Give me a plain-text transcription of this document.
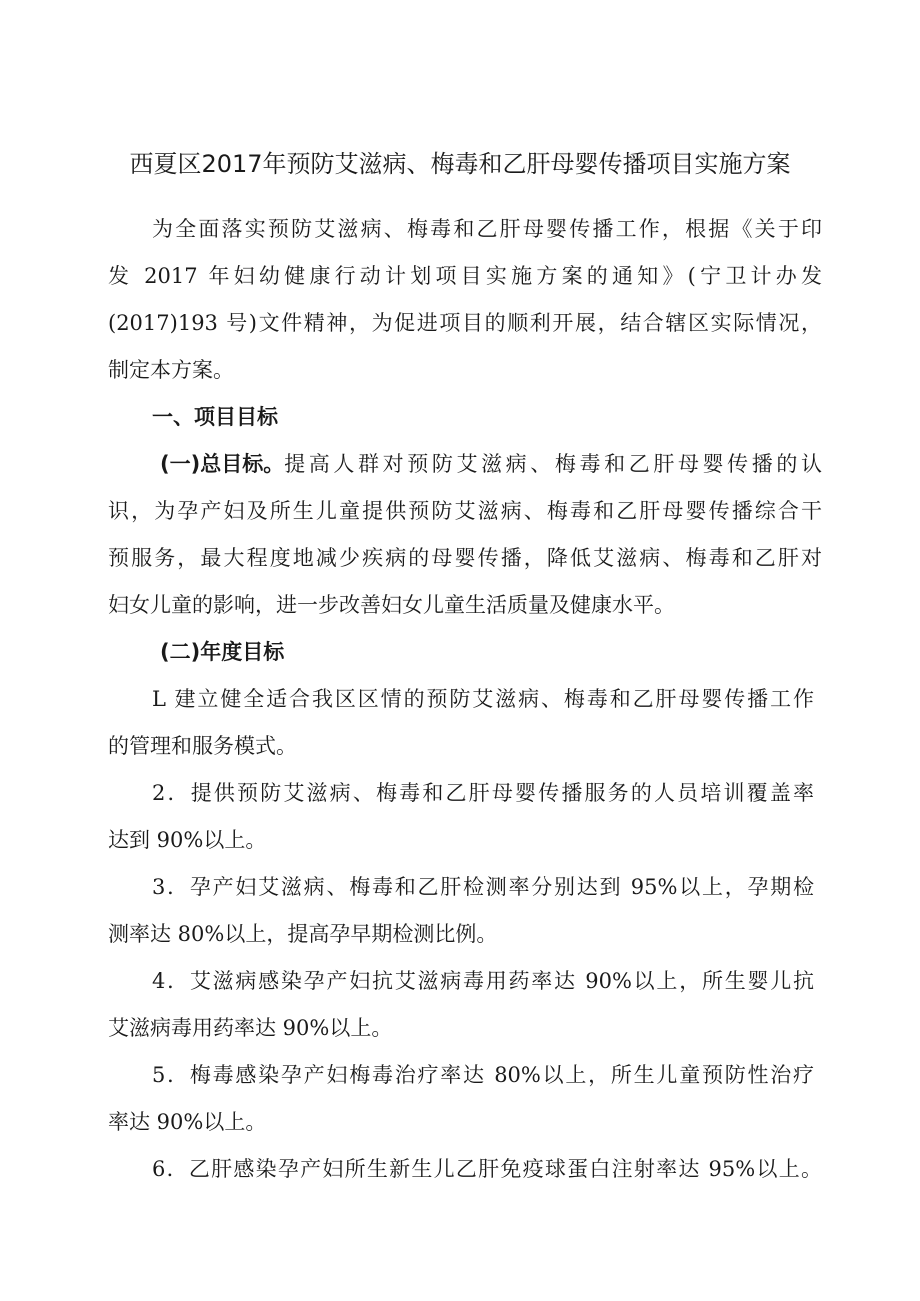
西夏区2017年预防艾滋病、梅毒和乙肝母婴传播项目实施方案
为全面落实预防艾滋病、梅毒和乙肝母婴传播工作，根据《关于印
发 2017 年妇幼健康行动计划项目实施方案的通知》(宁卫计办发
(2017)193 号)文件精神，为促进项目的顺利开展，结合辖区实际情况，
制定本方案。
一、项目目标
(一)总目标。 提高人群对预防艾滋病、梅毒和乙肝母婴传播的认
识，为孕产妇及所生儿童提供预防艾滋病、梅毒和乙肝母婴传播综合干
预服务，最大程度地减少疾病的母婴传播，降低艾滋病、梅毒和乙肝对
妇女儿童的影响，进一步改善妇女儿童生活质量及健康水平。
(二)年度目标
L 建立健全适合我区区情的预防艾滋病、梅毒和乙肝母婴传播工作
的管理和服务模式。
2．提供预防艾滋病、梅毒和乙肝母婴传播服务的人员培训覆盖率
达到 90%以上。
3．孕产妇艾滋病、梅毒和乙肝检测率分别达到 95%以上，孕期检
测率达 80%以上，提高孕早期检测比例。
4．艾滋病感染孕产妇抗艾滋病毒用药率达 90%以上，所生婴儿抗
艾滋病毒用药率达 90%以上。
5．梅毒感染孕产妇梅毒治疗率达 80%以上，所生儿童预防性治疗
率达 90%以上。
6．乙肝感染孕产妇所生新生儿乙肝免疫球蛋白注射率达 95%以上。
